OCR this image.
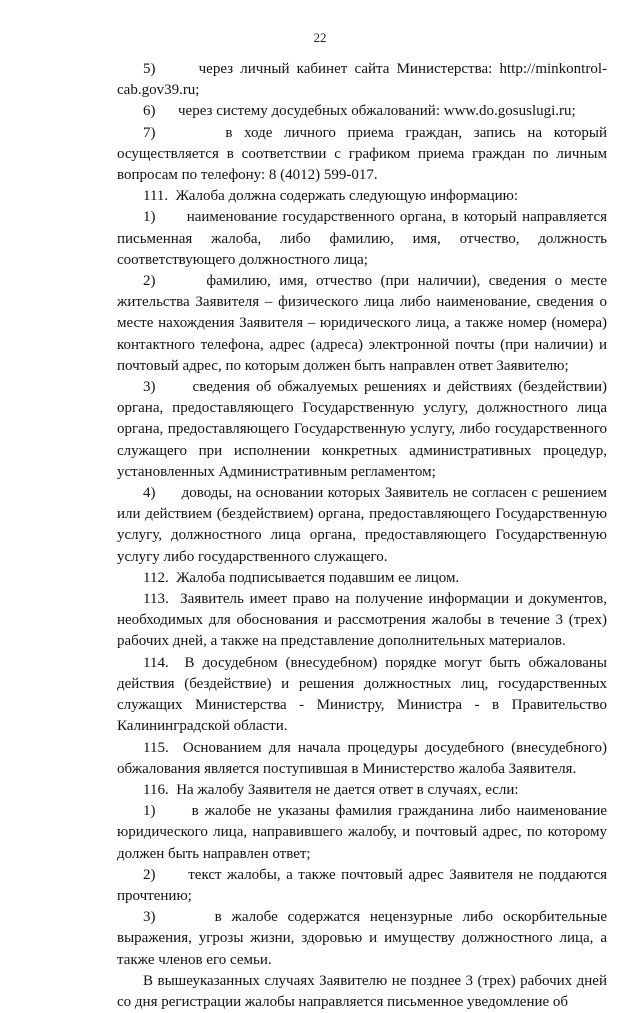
22

5)      через личный кабинет сайта Министерства: http://minkontrol-cab.gov39.ru;

6)      через систему досудебных обжалований: www.do.gosuslugi.ru;

7)      в ходе личного приема граждан, запись на который осуществляется в соответствии с графиком приема граждан по личным вопросам по телефону: 8 (4012) 599-017.

111.  Жалоба должна содержать следующую информацию:

1)      наименование государственного органа, в который направляется письменная жалоба, либо фамилию, имя, отчество, должность соответствующего должностного лица;

2)      фамилию, имя, отчество (при наличии), сведения о месте жительства Заявителя – физического лица либо наименование, сведения о месте нахождения Заявителя – юридического лица, а также номер (номера) контактного телефона, адрес (адреса) электронной почты (при наличии) и почтовый адрес, по которым должен быть направлен ответ Заявителю;

3)      сведения об обжалуемых решениях и действиях (бездействии) органа, предоставляющего Государственную услугу, должностного лица органа, предоставляющего Государственную услугу, либо государственного служащего при исполнении конкретных административных процедур, установленных Административным регламентом;

4)      доводы, на основании которых Заявитель не согласен с решением или действием (бездействием) органа, предоставляющего Государственную услугу, должностного лица органа, предоставляющего Государственную услугу либо государственного служащего.

112.  Жалоба подписывается подавшим ее лицом.

113.  Заявитель имеет право на получение информации и документов, необходимых для обоснования и рассмотрения жалобы в течение 3 (трех) рабочих дней, а также на представление дополнительных материалов.

114.  В досудебном (внесудебном) порядке могут быть обжалованы действия (бездействие) и решения должностных лиц, государственных служащих Министерства - Министру, Министра - в Правительство Калининградской области.

115.  Основанием для начала процедуры досудебного (внесудебного) обжалования является поступившая в Министерство жалоба Заявителя.

116.  На жалобу Заявителя не дается ответ в случаях, если:

1)      в жалобе не указаны фамилия гражданина либо наименование юридического лица, направившего жалобу, и почтовый адрес, по которому должен быть направлен ответ;

2)      текст жалобы, а также почтовый адрес Заявителя не поддаются прочтению;

3)      в жалобе содержатся нецензурные либо оскорбительные выражения, угрозы жизни, здоровью и имуществу должностного лица, а также членов его семьи.

В вышеуказанных случаях Заявителю не позднее 3 (трех) рабочих дней со дня регистрации жалобы направляется письменное уведомление об
